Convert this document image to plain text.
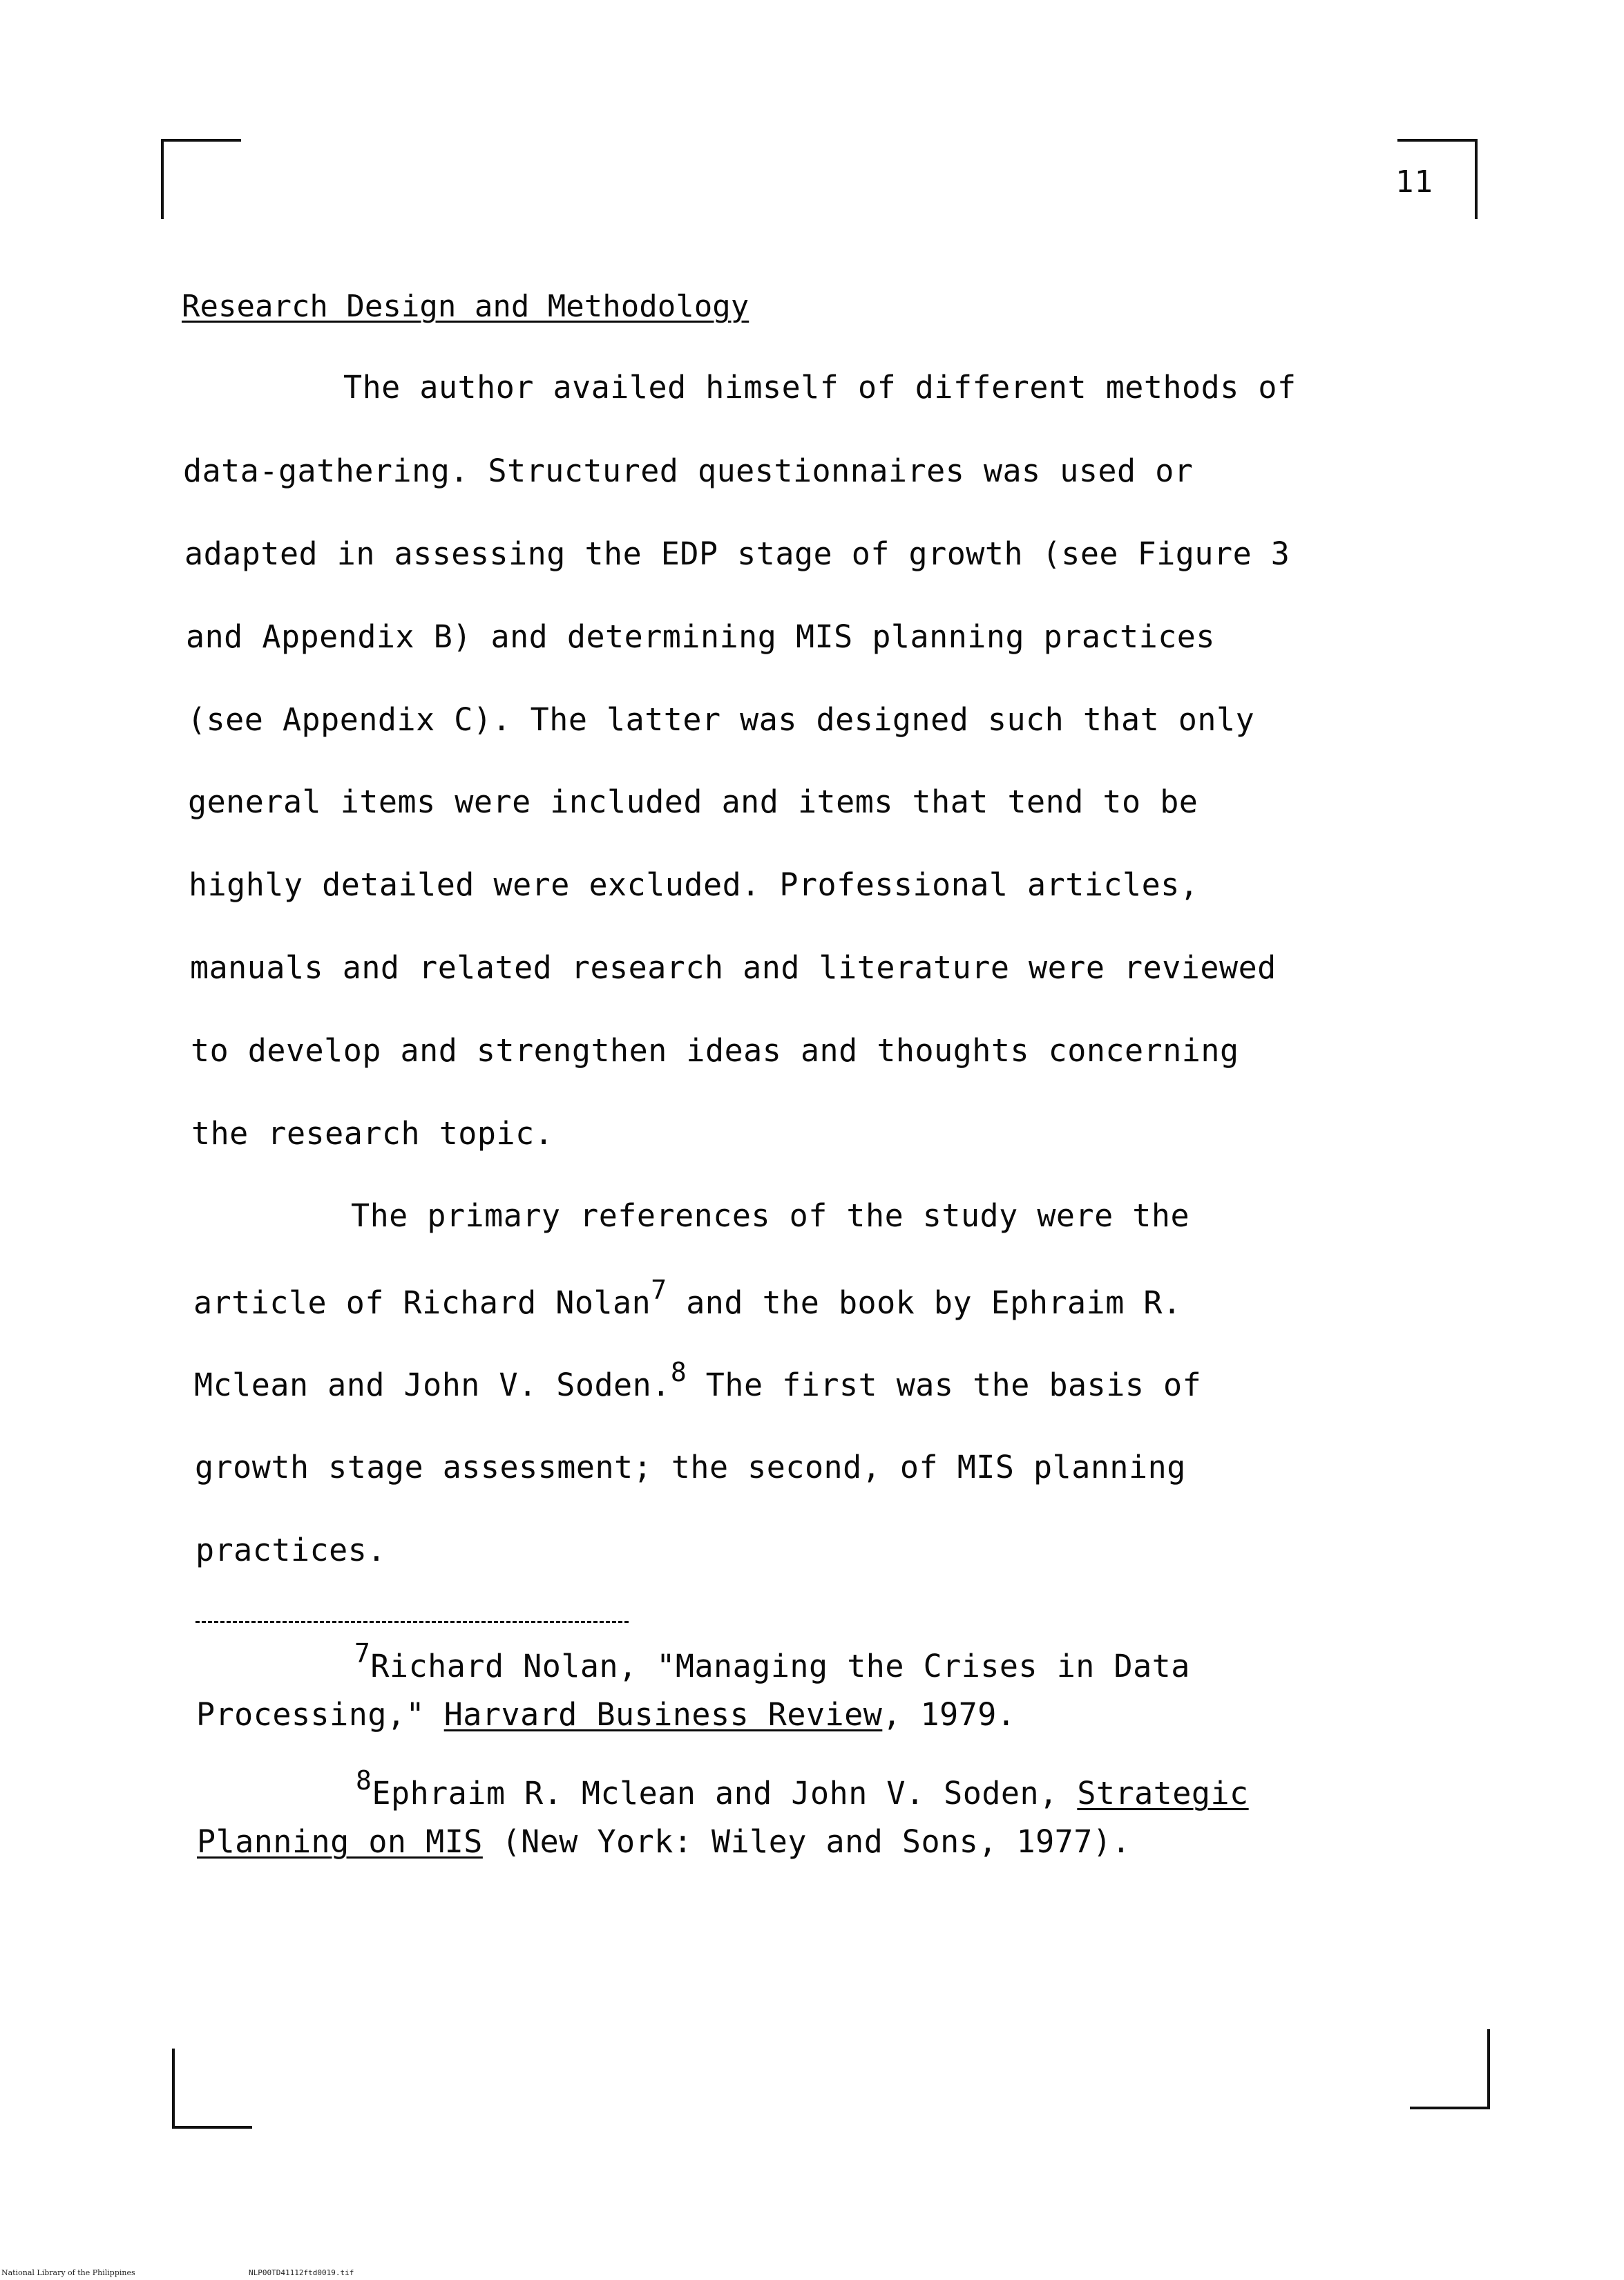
11
Research Design and Methodology
The author availed himself of different methods of
data-gathering. Structured questionnaires was used or
adapted in assessing the EDP stage of growth (see Figure 3
and Appendix B) and determining MIS planning practices
(see Appendix C). The latter was designed such that only
general items were included and items that tend to be
highly detailed were excluded. Professional articles,
manuals and related research and literature were reviewed
to develop and strengthen ideas and thoughts concerning
the research topic.
The primary references of the study were the
article of Richard Nolan$^7$ and the book by Ephraim R.
Mclean and John V. Soden.$^8$ The first was the basis of
growth stage assessment; the second, of MIS planning
practices.
$^7$Richard Nolan, "Managing the Crises in Data
Processing," Harvard Business Review, 1979.
$^8$Ephraim R. Mclean and John V. Soden, Strategic
Planning on MIS (New York: Wiley and Sons, 1977).
National Library of the Philippines	NLP00TD41112ftd0019.tif
